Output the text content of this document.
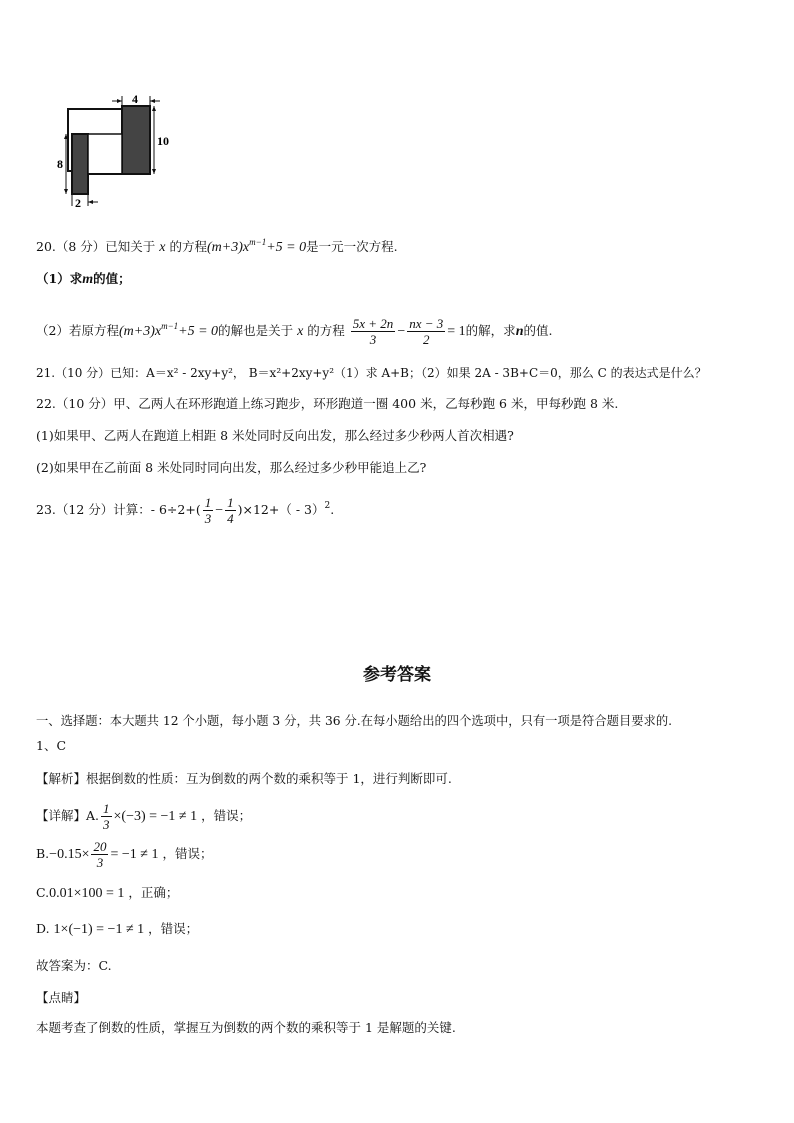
4
10
8
2
20.（8 分）已知关于 x 的方程$(m+3)x^{m-1}+5 = 0$是一元一次方程.
（1）求m的值；
（2）若原方程$(m+3)x^{m-1}+5 = 0$的解也是关于 x 的方程 $\frac{5x + 2n}{3} - \frac{nx - 3}{2} = 1$的解，求n的值.
21.（10 分）已知：A＝x² - 2xy+y²， B＝x²+2xy+y²（1）求 A+B；（2）如果 2A - 3B+C＝0，那么 C 的表达式是什么？
22.（10 分）甲、乙两人在环形跑道上练习跑步，环形跑道一圈 400 米，乙每秒跑 6 米，甲每秒跑 8 米.
(1)如果甲、乙两人在跑道上相距 8 米处同时反向出发，那么经过多少秒两人首次相遇?
(2)如果甲在乙前面 8 米处同时同向出发，那么经过多少秒甲能追上乙?
23.（12 分）计算：- $6\div 2+( \frac{1}{3} - \frac{1}{4} )\times 12+( - 3)^2$.
参考答案
一、选择题：本大题共 12 个小题，每小题 3 分，共 36 分.在每小题给出的四个选项中，只有一项是符合题目要求的.
1、C
【解析】根据倒数的性质：互为倒数的两个数的乘积等于 1，进行判断即可.
【详解】A. $\frac{1}{3} \times(-3) = -1 \ne 1$ ，错误；
$B.-0.15\times \frac{20}{3} = -1 \ne 1$ ，错误；
C.0.01×100 = 1 ，正确；
D. 1×(−1) = −1 ≠ 1 ，错误；
故答案为：C.
【点睛】
本题考查了倒数的性质，掌握互为倒数的两个数的乘积等于 1 是解题的关键.
